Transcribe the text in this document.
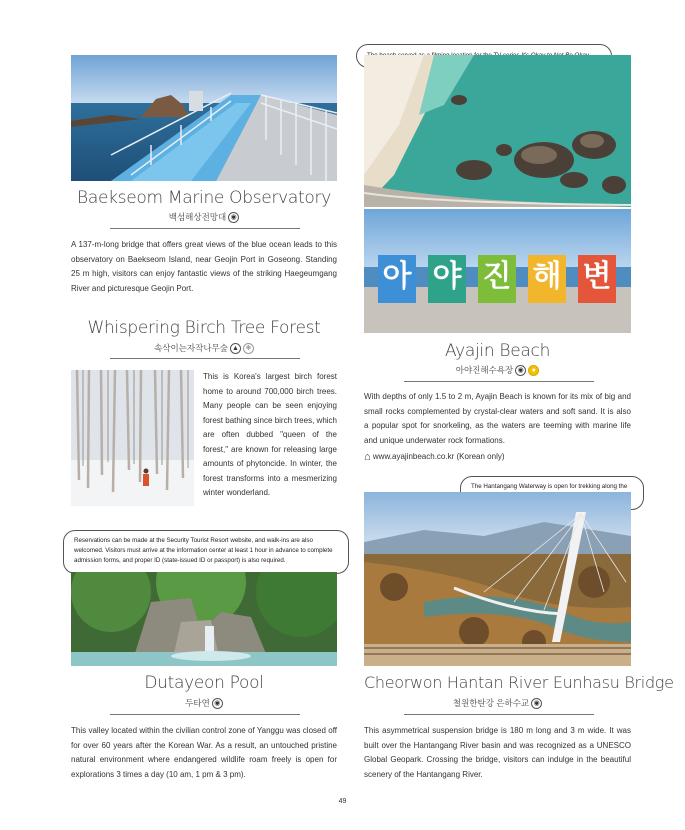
Baekseom Marine Observatory
백섬해상전망대 ◉
A 137-m-long bridge that offers great views of the blue ocean leads to this observatory on Baekseom Island, near Geojin Port in Goseong. Standing 25 m high, visitors can enjoy fantastic views of the striking Haegeumgang River and picturesque Geojin Port.
Whispering Birch Tree Forest
속삭이는자작나무숲 ▲ ❄
This is Korea's largest birch forest home to around 700,000 birch trees. Many people can be seen enjoying forest bathing since birch trees, which are often dubbed "queen of the forest," are known for releasing large amounts of phytoncide. In winter, the forest transforms into a mesmerizing winter wonderland.
Reservations can be made at the Security Tourist Resort website, and walk-ins are also welcomed. Visitors must arrive at the information center at least 1 hour in advance to complete admission forms, and proper ID (state-issued ID or passport) is also required.
Dutayeon Pool
두타연 ◉
This valley located within the civilian control zone of Yanggu was closed off for over 60 years after the Korean War. As a result, an untouched pristine natural environment where endangered wildlife roam freely is open for explorations 3 times a day (10 am, 1 pm & 3 pm).
아 야 진 해 변
Ayajin Beach
아야진해수욕장 ◉ ●
With depths of only 1.5 to 2 m, Ayajin Beach is known for its mix of big and small rocks complemented by crystal-clear waters and soft sand. It is also a popular spot for snorkeling, as the waters are teeming with marine life and unique underwater rock formations.
⌂ www.ayajinbeach.co.kr (Korean only)
The Hantangang Waterway is open for trekking along the
Cheorwon Hantan River Eunhasu Bridge
철원한탄강 은하수교 ◉
This asymmetrical suspension bridge is 180 m long and 3 m wide. It was built over the Hantangang River basin and was recognized as a UNESCO Global Geopark. Crossing the bridge, visitors can indulge in the beautiful scenery of the Hantangang River.
49
